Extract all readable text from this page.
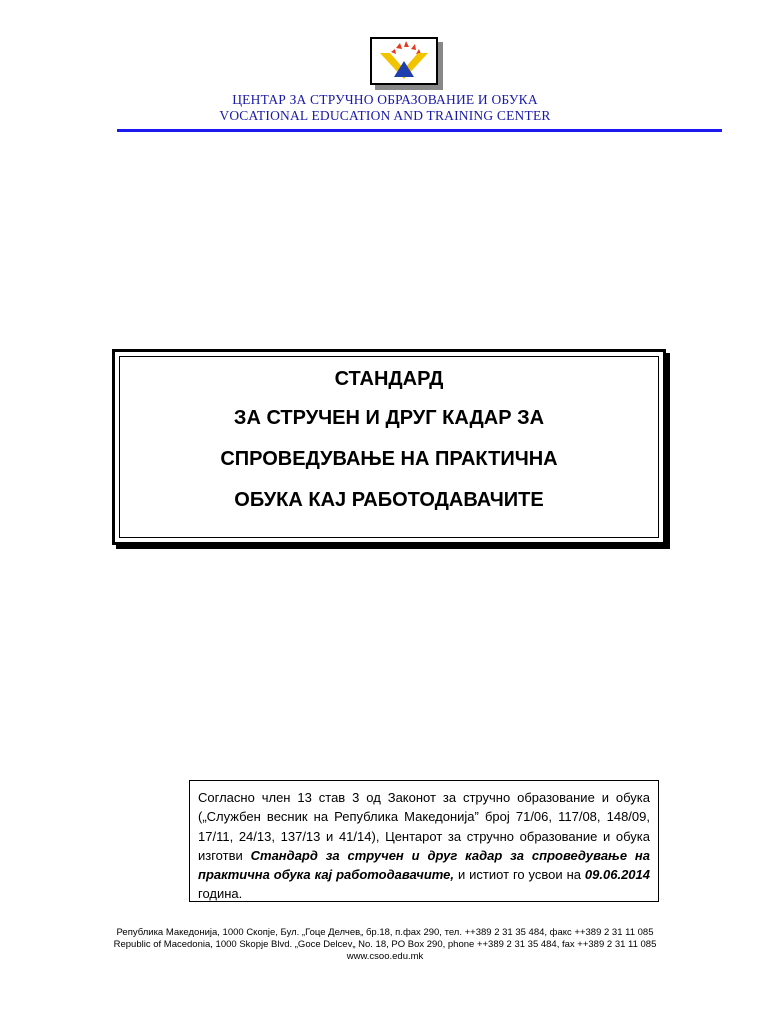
ЦЕНТАР ЗА СТРУЧНО ОБРАЗОВАНИЕ И ОБУКА
VOCATIONAL EDUCATION AND TRAINING CENTER
СТАНДАРД
ЗА СТРУЧЕН И ДРУГ КАДАР ЗА
СПРОВЕДУВАЊЕ НА ПРАКТИЧНА
ОБУКА КАЈ РАБОТОДАВАЧИТЕ
Согласно член 13 став 3 од Законот за стручно образование и обука („Службен весник на Република Македонија” број 71/06, 117/08, 148/09, 17/11, 24/13, 137/13 и 41/14), Центарот за стручно образование и обука изготви Стандард за стручен и друг кадар за спроведување на практична обука кај работодавачите, и истиот го усвои на 09.06.2014 година.
Република Македонија, 1000 Скопје, Бул. „Гоце Делчев„ бр.18, п.фах 290, тел. ++389 2 31 35 484, факс ++389 2 31 11 085
Republic of Macedonia, 1000 Skopje Blvd. „Goce Delcev„ No. 18, PO Box 290, phone ++389 2 31 35 484, fax ++389 2 31 11 085
www.csoo.edu.mk
